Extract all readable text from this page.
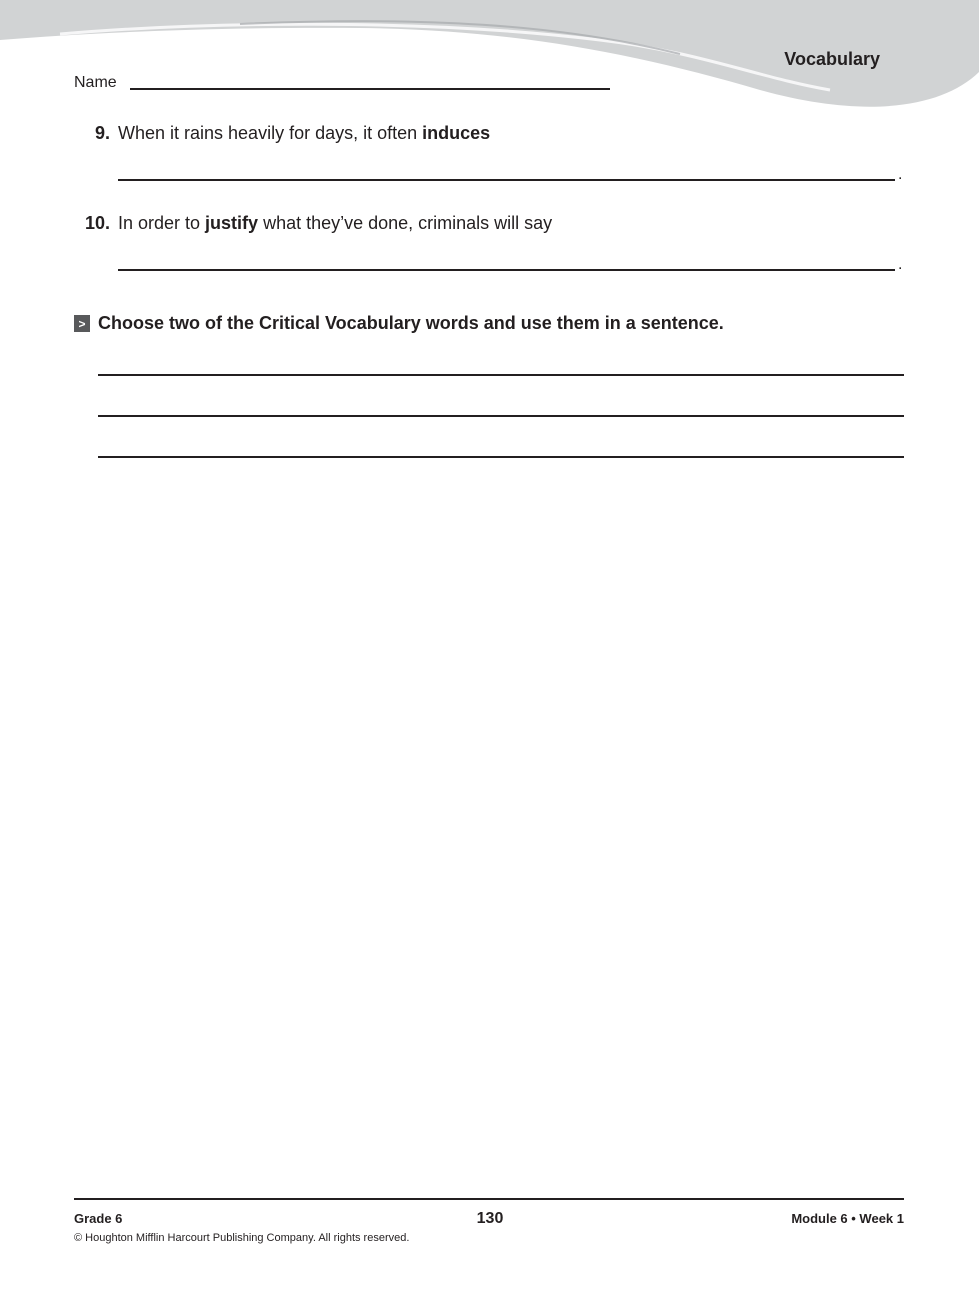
Vocabulary
Name
9. When it rains heavily for days, it often induces
.
10. In order to justify what they’ve done, criminals will say
.
> Choose two of the Critical Vocabulary words and use them in a sentence.
Grade 6
© Houghton Mifflin Harcourt Publishing Company. All rights reserved.
130	Module 6 • Week 1
